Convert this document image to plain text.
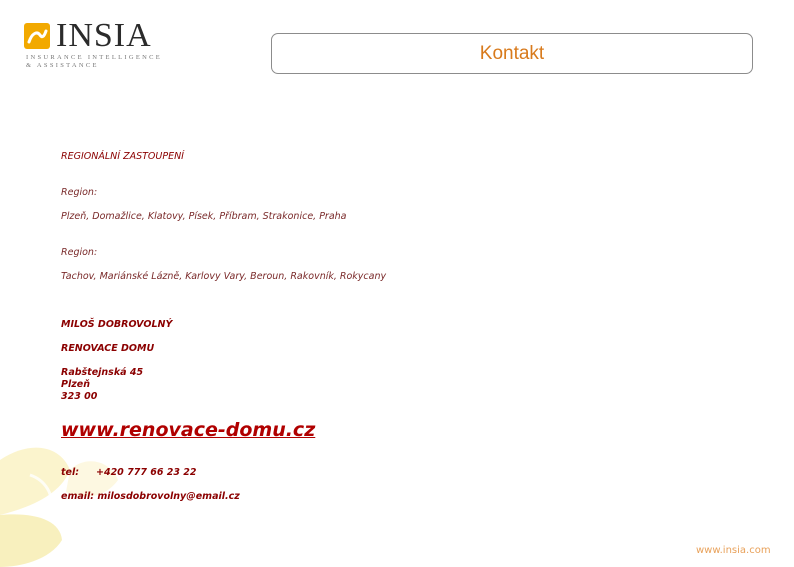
INSIA
INSURANCE INTELLIGENCE
& ASSISTANCE
Kontakt
REGIONÁLNÍ ZASTOUPENÍ
Region:
Plzeň, Domažlice, Klatovy, Písek, Příbram, Strakonice, Praha
Region:
Tachov, Mariánské Lázně, Karlovy Vary, Beroun, Rakovník, Rokycany
MILOŠ DOBROVOLNÝ
RENOVACE DOMU
Rabštejnská 45
Plzeň
323 00
www.renovace-domu.cz
tel: +420 777 66 23 22
email: milosdobrovolny@email.cz
www.insia.com
